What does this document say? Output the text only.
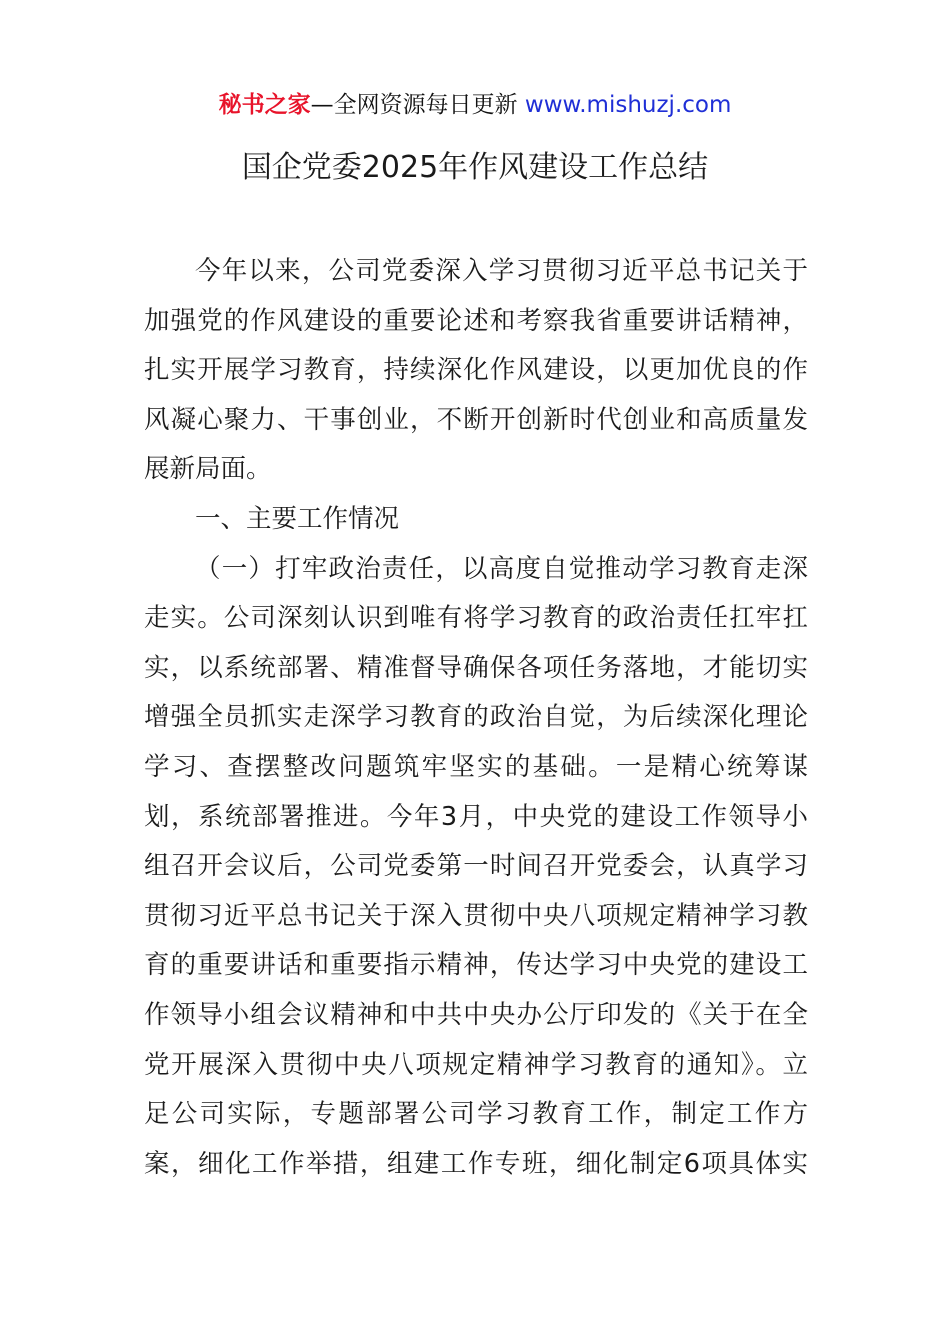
秘书之家—全网资源每日更新 www.mishuzj.com
国企党委2025年作风建设工作总结
今年以来，公司党委深入学习贯彻习近平总书记关于
加强党的作风建设的重要论述和考察我省重要讲话精神，
扎实开展学习教育，持续深化作风建设，以更加优良的作
风凝心聚力、干事创业，不断开创新时代创业和高质量发
展新局面。
一、主要工作情况
（一）打牢政治责任，以高度自觉推动学习教育走深
走实。公司深刻认识到唯有将学习教育的政治责任扛牢扛
实，以系统部署、精准督导确保各项任务落地，才能切实
增强全员抓实走深学习教育的政治自觉，为后续深化理论
学习、查摆整改问题筑牢坚实的基础。一是精心统筹谋
划，系统部署推进。今年3月，中央党的建设工作领导小
组召开会议后，公司党委第一时间召开党委会，认真学习
贯彻习近平总书记关于深入贯彻中央八项规定精神学习教
育的重要讲话和重要指示精神，传达学习中央党的建设工
作领导小组会议精神和中共中央办公厅印发的《关于在全
党开展深入贯彻中央八项规定精神学习教育的通知》。立
足公司实际，专题部署公司学习教育工作，制定工作方
案，细化工作举措，组建工作专班，细化制定6项具体实
